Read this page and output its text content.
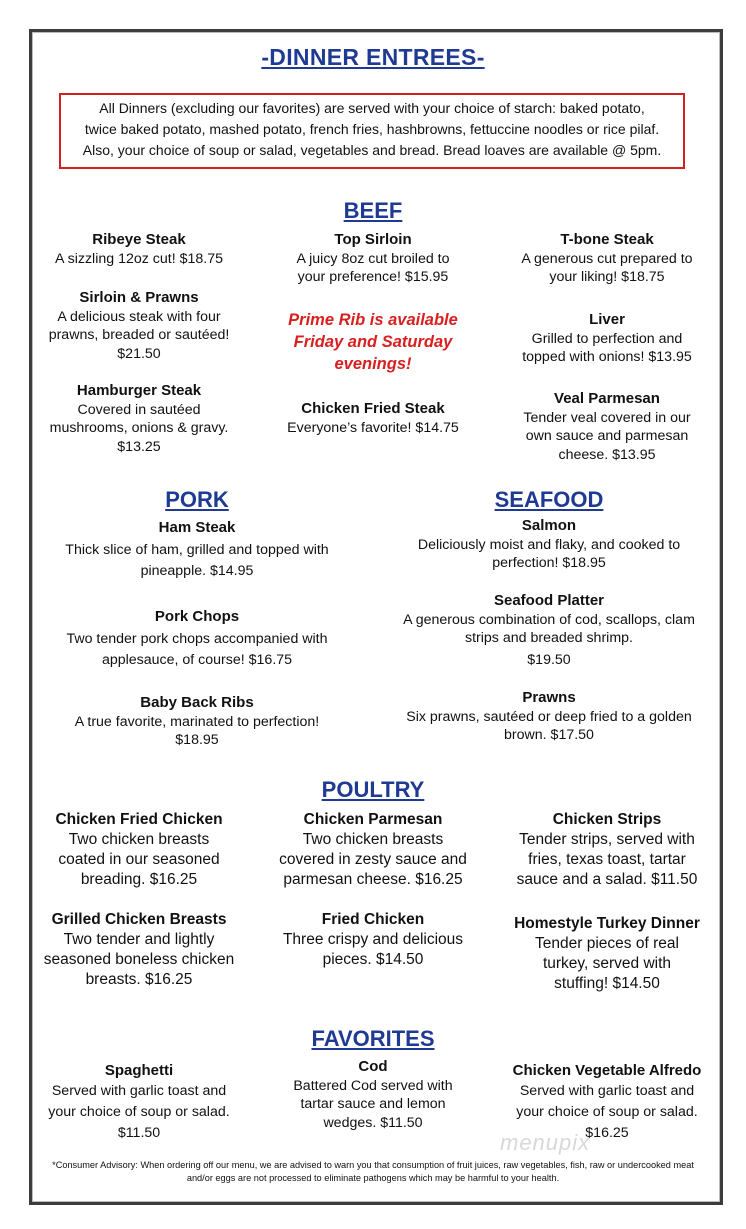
-DINNER ENTREES-
All Dinners (excluding our favorites) are served with your choice of starch: baked potato,
twice baked potato, mashed potato, french fries, hashbrowns, fettuccine noodles or rice pilaf.
Also, your choice of soup or salad, vegetables and bread. Bread loaves are available @ 5pm.
BEEF
Ribeye Steak
A sizzling 12oz cut! $18.75
Top Sirloin
A juicy 8oz cut broiled to
your preference! $15.95
T-bone Steak
A generous cut prepared to
your liking! $18.75
Sirloin & Prawns
A delicious steak with four
prawns, breaded or sautéed!
$21.50
Prime Rib is available
Friday and Saturday
evenings!
Liver
Grilled to perfection and
topped with onions! $13.95
Hamburger Steak
Covered in sautéed
mushrooms, onions & gravy.
$13.25
Chicken Fried Steak
Everyone’s favorite! $14.75
Veal Parmesan
Tender veal covered in our
own sauce and parmesan
cheese. $13.95
PORK
Ham Steak
Thick slice of ham, grilled and topped with
pineapple. $14.95
Pork Chops
Two tender pork chops accompanied with
applesauce, of course! $16.75
Baby Back Ribs
A true favorite, marinated to perfection!
$18.95
SEAFOOD
Salmon
Deliciously moist and flaky, and cooked to
perfection! $18.95
Seafood Platter
A generous combination of cod, scallops, clam
strips and breaded shrimp.
$19.50
Prawns
Six prawns, sautéed or deep fried to a golden
brown. $17.50
POULTRY
Chicken Fried Chicken
Two chicken breasts
coated in our seasoned
breading. $16.25
Chicken Parmesan
Two chicken breasts
covered in zesty sauce and
parmesan cheese. $16.25
Chicken Strips
Tender strips, served with
fries, texas toast, tartar
sauce and a salad. $11.50
Grilled Chicken Breasts
Two tender and lightly
seasoned boneless chicken
breasts. $16.25
Fried Chicken
Three crispy and delicious
pieces. $14.50
Homestyle Turkey Dinner
Tender pieces of real
turkey, served with
stuffing! $14.50
FAVORITES
Spaghetti
Served with garlic toast and
your choice of soup or salad.
$11.50
Cod
Battered Cod served with
tartar sauce and lemon
wedges. $11.50
Chicken Vegetable Alfredo
Served with garlic toast and
your choice of soup or salad.
$16.25
menupix
*Consumer Advisory: When ordering off our menu, we are advised to warn you that consumption of fruit juices, raw vegetables, fish, raw or undercooked meat
and/or eggs are not processed to eliminate pathogens which may be harmful to your health.
